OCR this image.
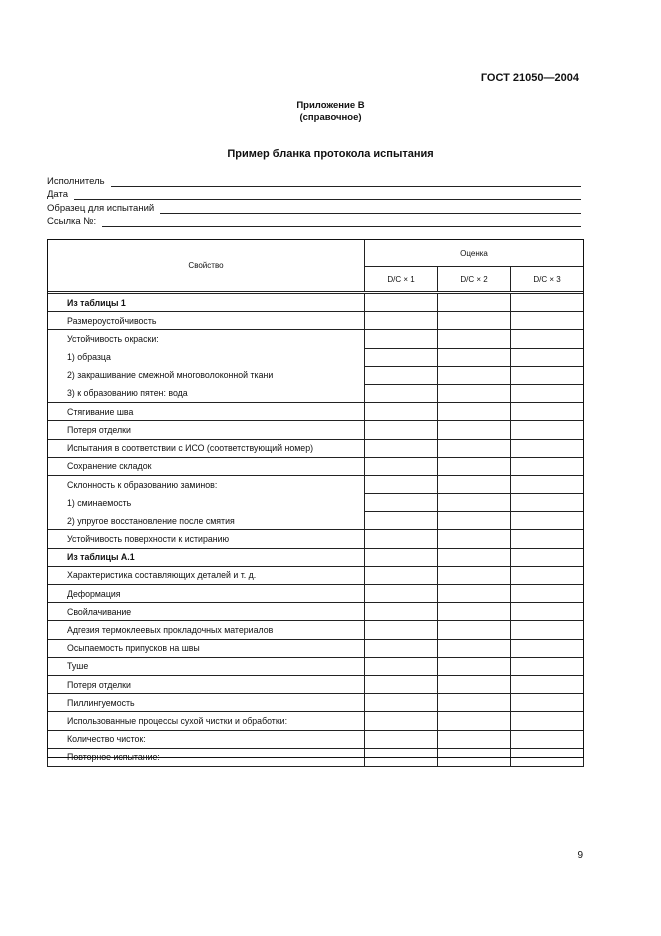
ГОСТ 21050—2004
Приложение В
(справочное)
Пример бланка протокола испытания
Исполнитель
Дата
Образец для испытаний
Ссылка №:
Свойство	Оценка		
	D/C × 1	D/C × 2	D/C × 3

Из таблицы 1			
Размероустойчивость			
Устойчивость окраски:			
1) образца			
2) закрашивание смежной многоволоконной ткани			
3) к образованию пятен: вода			
Стягивание шва			
Потеря отделки			
Испытания в соответствии с ИСО (соответствующий номер)			
Сохранение складок			
Склонность к образованию заминов:			
1) сминаемость			
2) упругое восстановление после смятия			
Устойчивость поверхности к истиранию			
Из таблицы А.1			
Характеристика составляющих деталей и т. д.			
Деформация			
Свойлачивание			
Адгезия термоклеевых прокладочных материалов			
Осыпаемость припусков на швы			
Туше			
Потеря отделки			
Пиллингуемость			
Использованные процессы сухой чистки и обработки:			
Количество чисток:			
Повторное испытание:			
9
